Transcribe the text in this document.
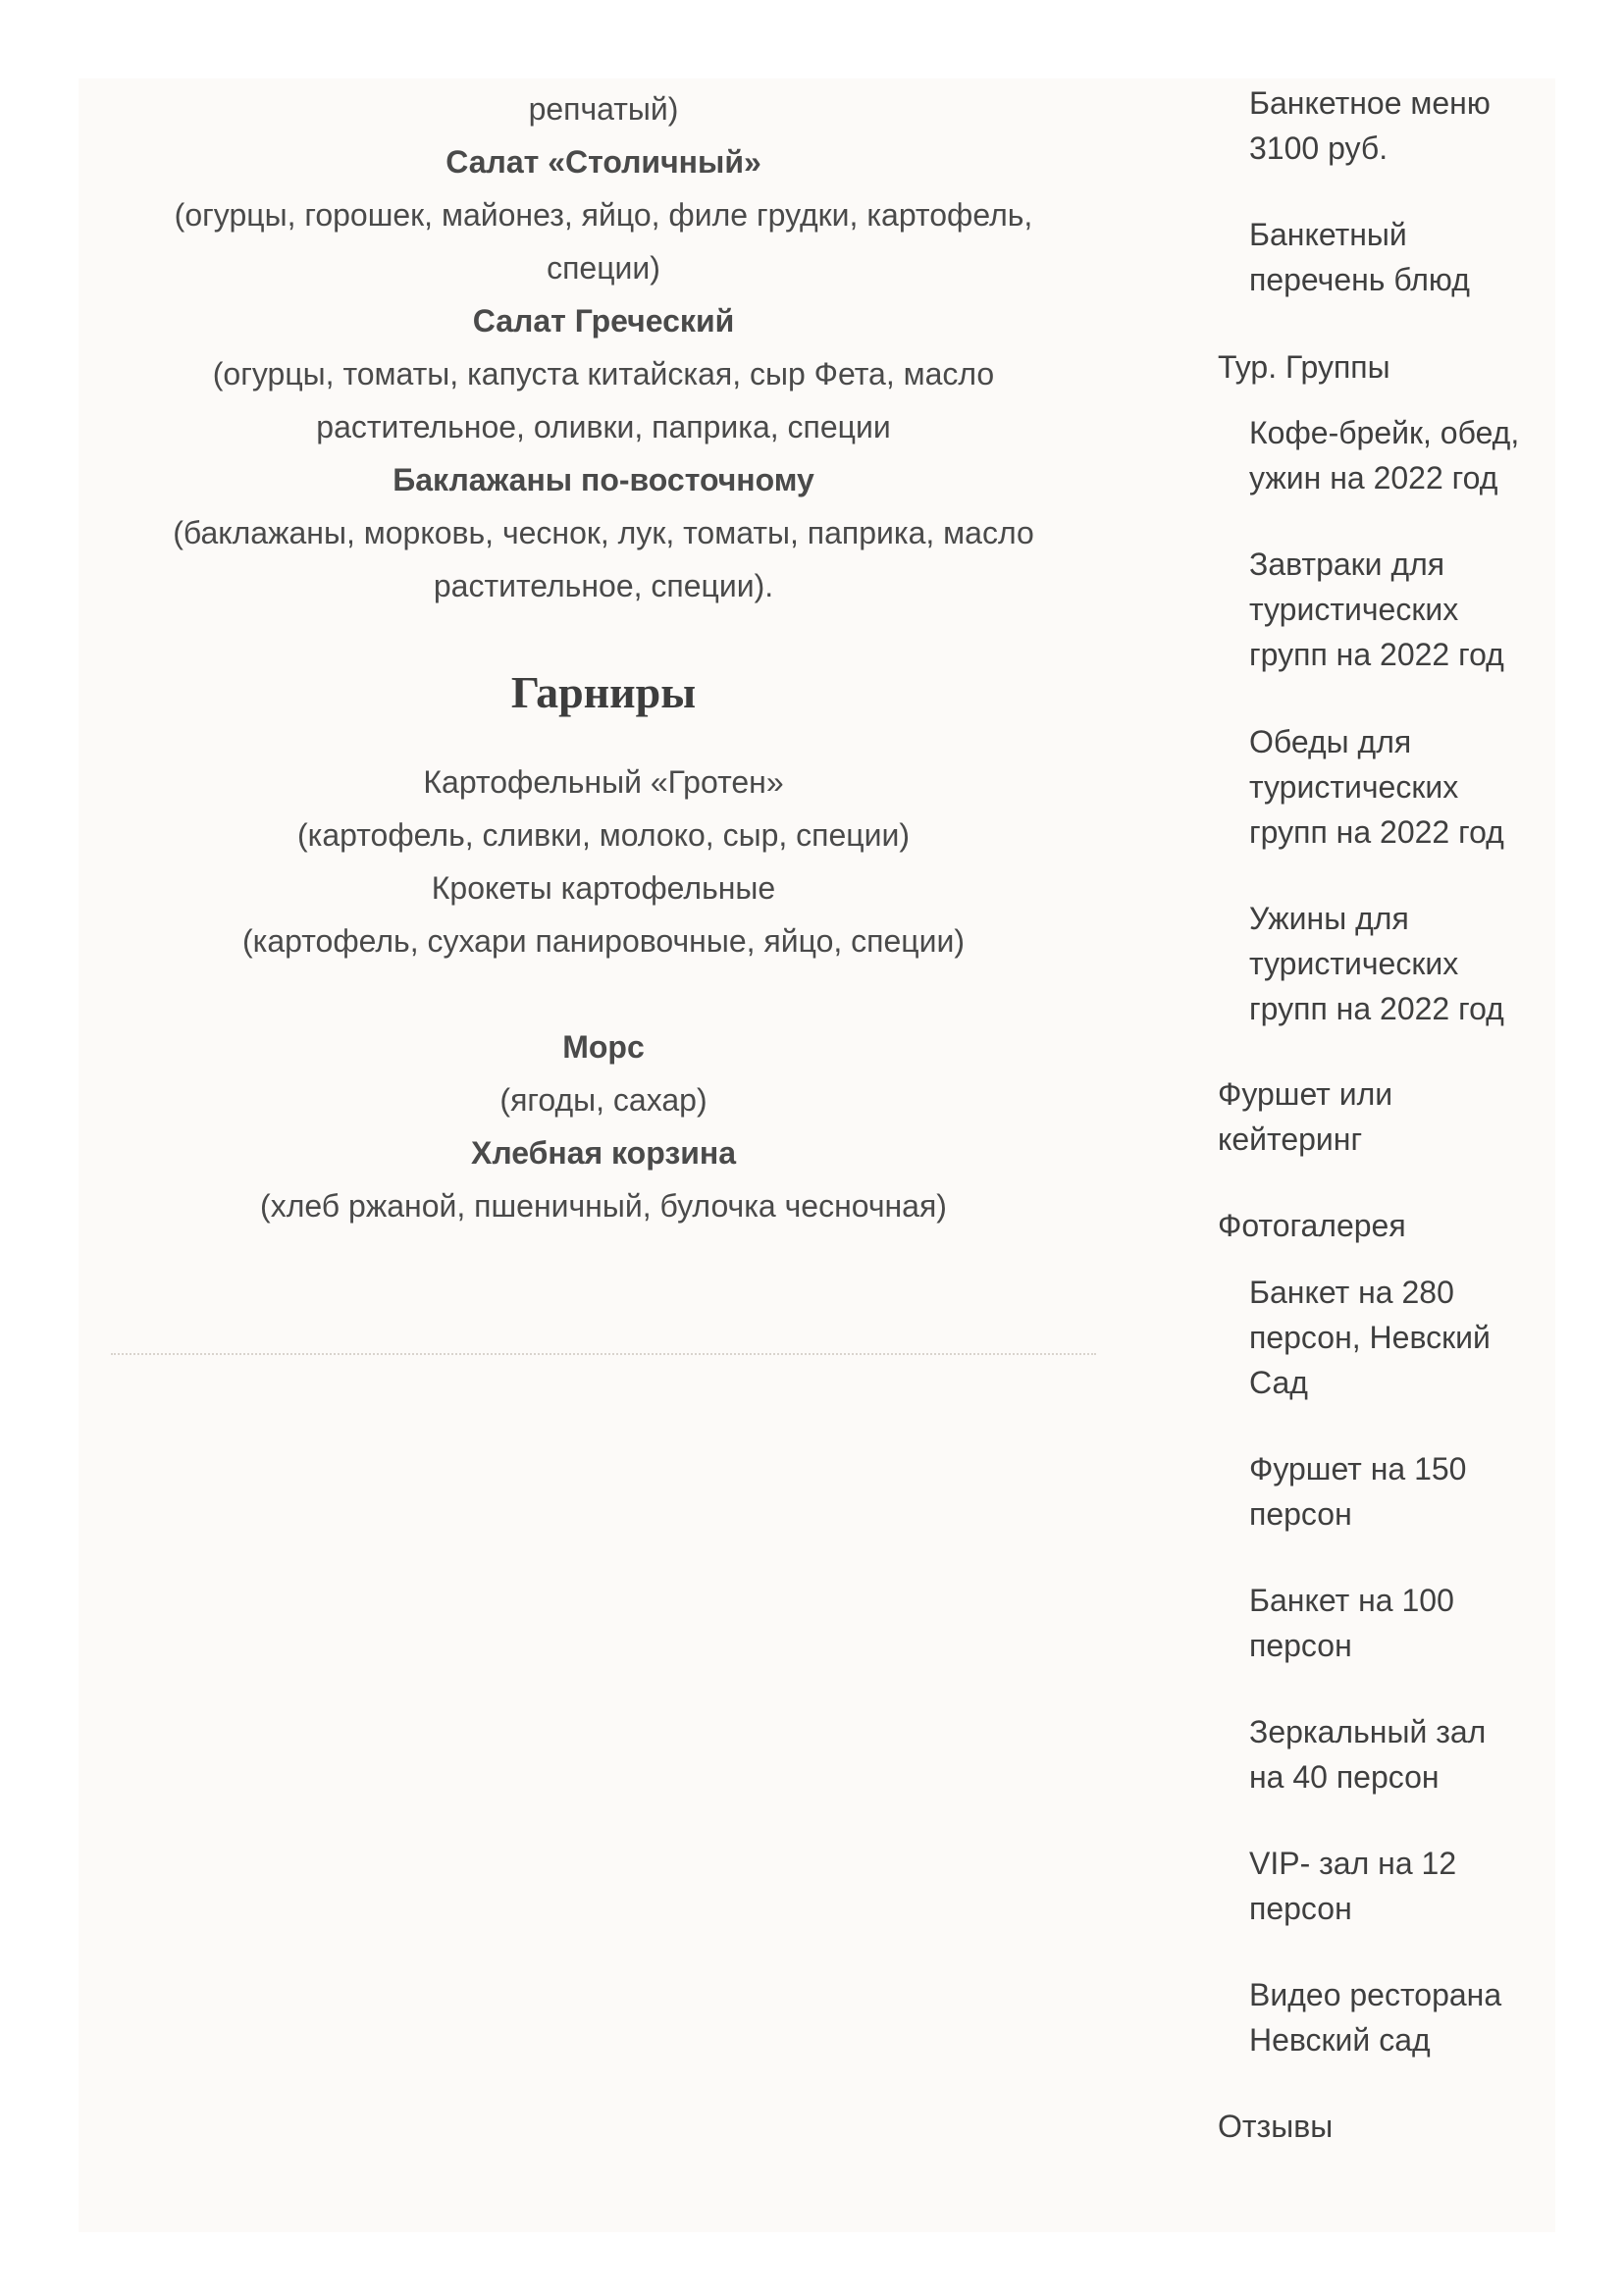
репчатый)

Салат «Столичный»

(огурцы, горошек, майонез, яйцо, филе грудки, картофель,

специи)

Салат Греческий

(огурцы, томаты, капуста китайская, сыр Фета, масло

растительное, оливки, паприка, специи

Баклажаны по-восточному

(баклажаны, морковь, чеснок, лук, томаты, паприка, масло

растительное, специи).

Гарниры

Картофельный «Гротен»

(картофель, сливки, молоко, сыр, специи)

Крокеты картофельные

(картофель, сухари панировочные, яйцо, специи)

Морс

(ягоды, сахар)

Хлебная корзина

(хлеб ржаной, пшеничный, булочка чесночная)

Банкетное меню
3100 руб.
Банкетный
перечень блюд
Тур. Группы
Кофе-брейк, обед,
ужин на 2022 год
Завтраки для
туристических
групп на 2022 год
Обеды для
туристических
групп на 2022 год
Ужины для
туристических
групп на 2022 год
Фуршет или
кейтеринг
Фотогалерея
Банкет на 280
персон, Невский
Сад
Фуршет на 150
персон
Банкет на 100
персон
Зеркальный зал
на 40 персон
VIP- зал на 12
персон
Видео ресторана
Невский сад
Отзывы
